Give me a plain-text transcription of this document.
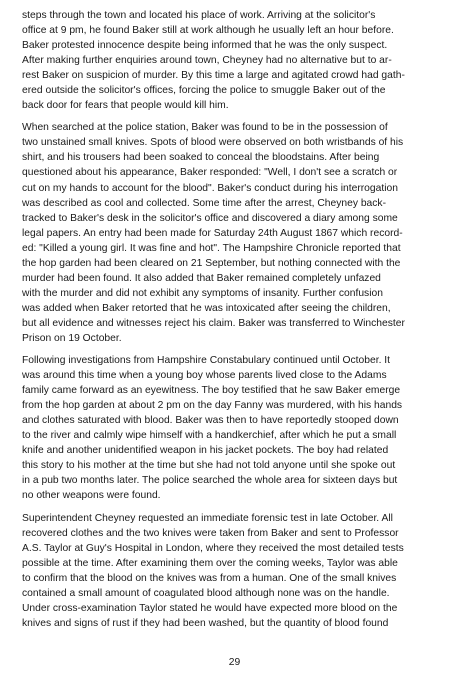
steps through the town and located his place of work. Arriving at the solicitor's
office at 9 pm, he found Baker still at work although he usually left an hour before.
Baker protested innocence despite being informed that he was the only suspect.
After making further enquiries around town, Cheyney had no alternative but to ar-
rest Baker on suspicion of murder. By this time a large and agitated crowd had gath-
ered outside the solicitor's offices, forcing the police to smuggle Baker out of the
back door for fears that people would kill him.

When searched at the police station, Baker was found to be in the possession of
two unstained small knives. Spots of blood were observed on both wristbands of his
shirt, and his trousers had been soaked to conceal the bloodstains. After being
questioned about his appearance, Baker responded: "Well, I don't see a scratch or
cut on my hands to account for the blood". Baker's conduct during his interrogation
was described as cool and collected. Some time after the arrest, Cheyney back-
tracked to Baker's desk in the solicitor's office and discovered a diary among some
legal papers. An entry had been made for Saturday 24th August 1867 which record-
ed: "Killed a young girl. It was fine and hot". The Hampshire Chronicle reported that
the hop garden had been cleared on 21 September, but nothing connected with the
murder had been found. It also added that Baker remained completely unfazed
with the murder and did not exhibit any symptoms of insanity. Further confusion
was added when Baker retorted that he was intoxicated after seeing the children,
but all evidence and witnesses reject his claim. Baker was transferred to Winchester
Prison on 19 October.

Following investigations from Hampshire Constabulary continued until October. It
was around this time when a young boy whose parents lived close to the Adams
family came forward as an eyewitness. The boy testified that he saw Baker emerge
from the hop garden at about 2 pm on the day Fanny was murdered, with his hands
and clothes saturated with blood. Baker was then to have reportedly stooped down
to the river and calmly wipe himself with a handkerchief, after which he put a small
knife and another unidentified weapon in his jacket pockets. The boy had related
this story to his mother at the time but she had not told anyone until she spoke out
in a pub two months later. The police searched the whole area for sixteen days but
no other weapons were found.

Superintendent Cheyney requested an immediate forensic test in late October. All
recovered clothes and the two knives were taken from Baker and sent to Professor
A.S. Taylor at Guy's Hospital in London, where they received the most detailed tests
possible at the time. After examining them over the coming weeks, Taylor was able
to confirm that the blood on the knives was from a human. One of the small knives
contained a small amount of coagulated blood although none was on the handle.
Under cross-examination Taylor stated he would have expected more blood on the
knives and signs of rust if they had been washed, but the quantity of blood found

29
